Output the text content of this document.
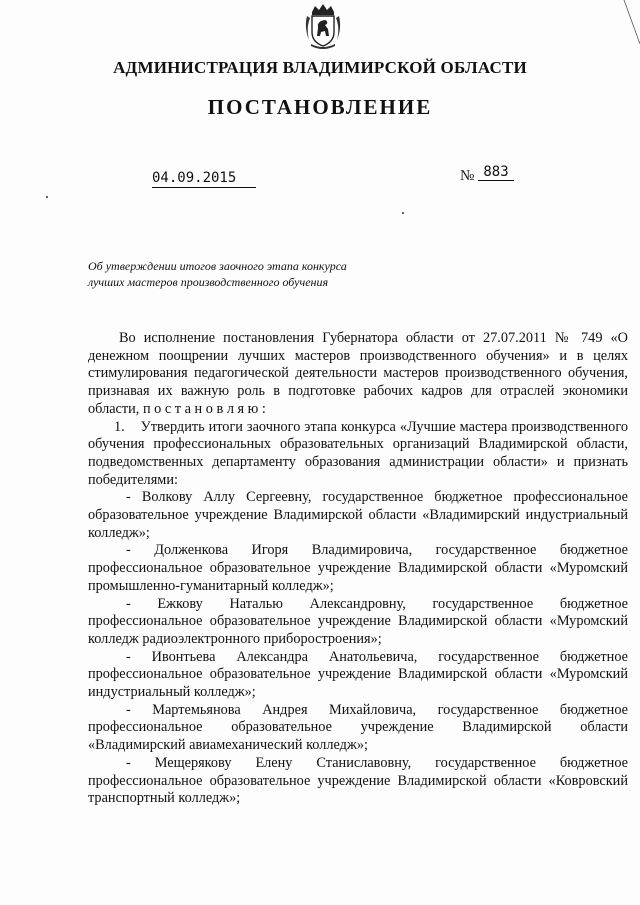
АДМИНИСТРАЦИЯ ВЛАДИМИРСКОЙ ОБЛАСТИ
ПОСТАНОВЛЕНИЕ
04.09.2015	№ 883
Об утверждении итогов заочного этапа конкурса лучших мастеров производственного обучения

Во исполнение постановления Губернатора области от 27.07.2011 № 749 «О денежном поощрении лучших мастеров производственного обучения» и в целях стимулирования педагогической деятельности мастеров производственного обучения, признавая их важную роль в подготовке рабочих кадров для отраслей экономики области, п о с т а н о в л я ю :

1.    Утвердить итоги заочного этапа конкурса «Лучшие мастера производственного обучения профессиональных образовательных организаций Владимирской области, подведомственных департаменту образования администрации области» и признать победителями:

- Волкову Аллу Сергеевну, государственное бюджетное профессиональное образовательное учреждение Владимирской области «Владимирский индустриальный колледж»;

- Долженкова Игоря Владимировича, государственное бюджетное профессиональное образовательное учреждение Владимирской области «Муромский промышленно-гуманитарный колледж»;

- Ежкову Наталью Александровну, государственное бюджетное профессиональное образовательное учреждение Владимирской области «Муромский колледж радиоэлектронного приборостроения»;

- Ивонтьева Александра Анатольевича, государственное бюджетное профессиональное образовательное учреждение Владимирской области «Муромский индустриальный колледж»;

- Мартемьянова Андрея Михайловича, государственное бюджетное профессиональное образовательное учреждение Владимирской области «Владимирский авиамеханический колледж»;

- Мещерякову Елену Станиславовну, государственное бюджетное профессиональное образовательное учреждение Владимирской области «Ковровский транспортный колледж»;
